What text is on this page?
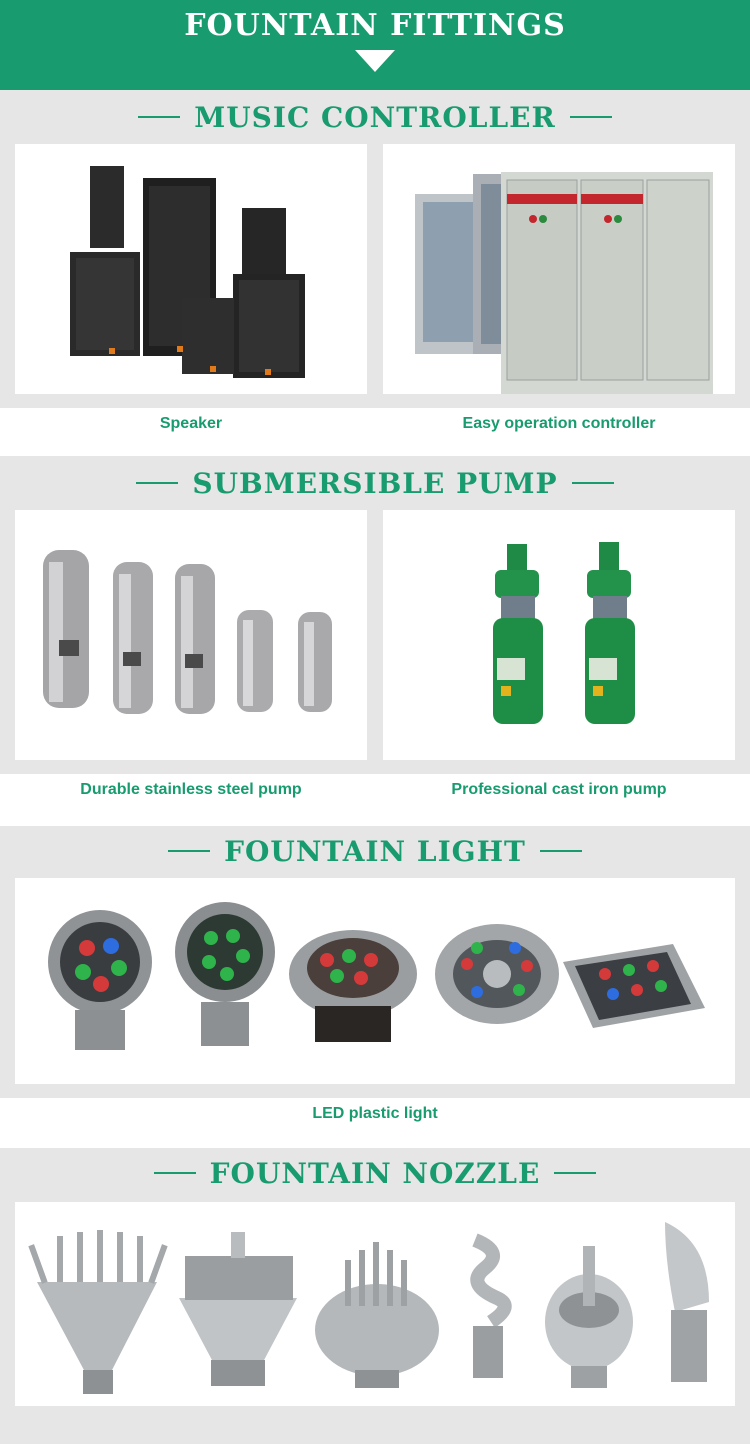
FOUNTAIN FITTINGS
MUSIC CONTROLLER
Speaker	Easy operation controller
SUBMERSIBLE PUMP
Durable stainless steel pump	Professional cast iron pump
FOUNTAIN LIGHT
LED plastic light
FOUNTAIN NOZZLE
